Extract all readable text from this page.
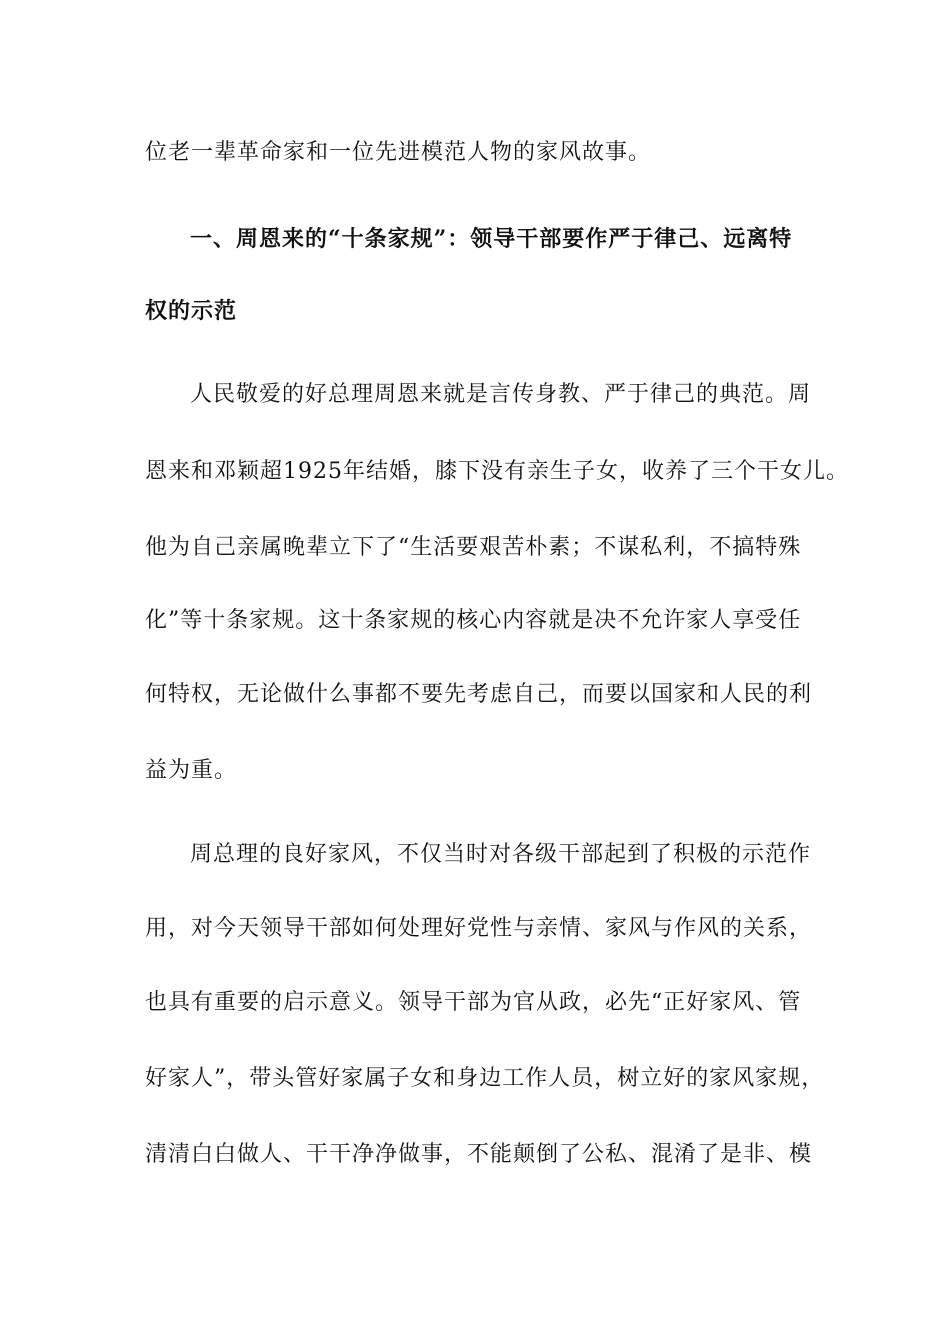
位老一辈革命家和一位先进模范人物的家风故事。
一、周恩来的“十条家规”：领导干部要作严于律己、远离特
权的示范
人民敬爱的好总理周恩来就是言传身教、严于律己的典范。周
恩来和邓颖超1925年结婚，膝下没有亲生子女，收养了三个干女儿。
他为自己亲属晚辈立下了“生活要艰苦朴素；不谋私利，不搞特殊
化”等十条家规。这十条家规的核心内容就是决不允许家人享受任
何特权，无论做什么事都不要先考虑自己，而要以国家和人民的利
益为重。
周总理的良好家风，不仅当时对各级干部起到了积极的示范作
用，对今天领导干部如何处理好党性与亲情、家风与作风的关系，
也具有重要的启示意义。领导干部为官从政，必先“正好家风、管
好家人”，带头管好家属子女和身边工作人员，树立好的家风家规，
清清白白做人、干干净净做事，不能颠倒了公私、混淆了是非、模
